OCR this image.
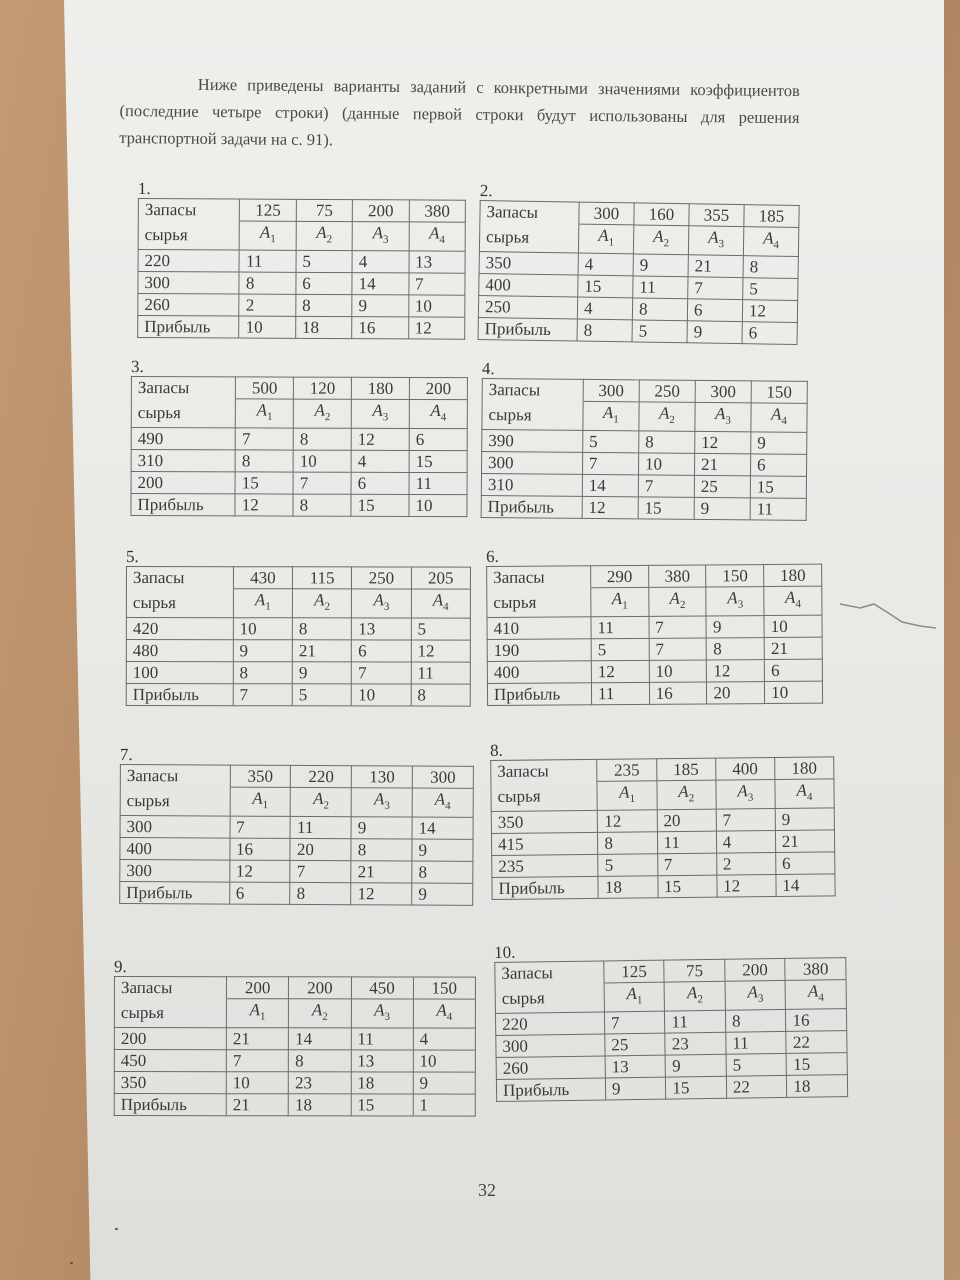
Ниже приведены варианты заданий с конкретными значениями коэффициентов (последние четыре строки) (данные первой строки будут использованы для решения транспортной задачи на с. 91).

1.
Запасы	125	75	200	380
сырья	$A_1$	$A_2$	$A_3$	$A_4$
220	11	5	4	13
300	8	6	14	7
260	2	8	9	10
Прибыль	10	18	16	12
2.
Запасы	300	160	355	185
сырья	$A_1$	$A_2$	$A_3$	$A_4$
350	4	9	21	8
400	15	11	7	5
250	4	8	6	12
Прибыль	8	5	9	6
3.
Запасы	500	120	180	200
сырья	$A_1$	$A_2$	$A_3$	$A_4$
490	7	8	12	6
310	8	10	4	15
200	15	7	6	11
Прибыль	12	8	15	10
4.
Запасы	300	250	300	150
сырья	$A_1$	$A_2$	$A_3$	$A_4$
390	5	8	12	9
300	7	10	21	6
310	14	7	25	15
Прибыль	12	15	9	11
5.
Запасы	430	115	250	205
сырья	$A_1$	$A_2$	$A_3$	$A_4$
420	10	8	13	5
480	9	21	6	12
100	8	9	7	11
Прибыль	7	5	10	8
6.
Запасы	290	380	150	180
сырья	$A_1$	$A_2$	$A_3$	$A_4$
410	11	7	9	10
190	5	7	8	21
400	12	10	12	6
Прибыль	11	16	20	10
7.
Запасы	350	220	130	300
сырья	$A_1$	$A_2$	$A_3$	$A_4$
300	7	11	9	14
400	16	20	8	9
300	12	7	21	8
Прибыль	6	8	12	9
8.
Запасы	235	185	400	180
сырья	$A_1$	$A_2$	$A_3$	$A_4$
350	12	20	7	9
415	8	11	4	21
235	5	7	2	6
Прибыль	18	15	12	14
9.
Запасы	200	200	450	150
сырья	$A_1$	$A_2$	$A_3$	$A_4$
200	21	14	11	4
450	7	8	13	10
350	10	23	18	9
Прибыль	21	18	15	1
10.
Запасы	125	75	200	380
сырья	$A_1$	$A_2$	$A_3$	$A_4$
220	7	11	8	16
300	25	23	11	22
260	13	9	5	15
Прибыль	9	15	22	18
32
